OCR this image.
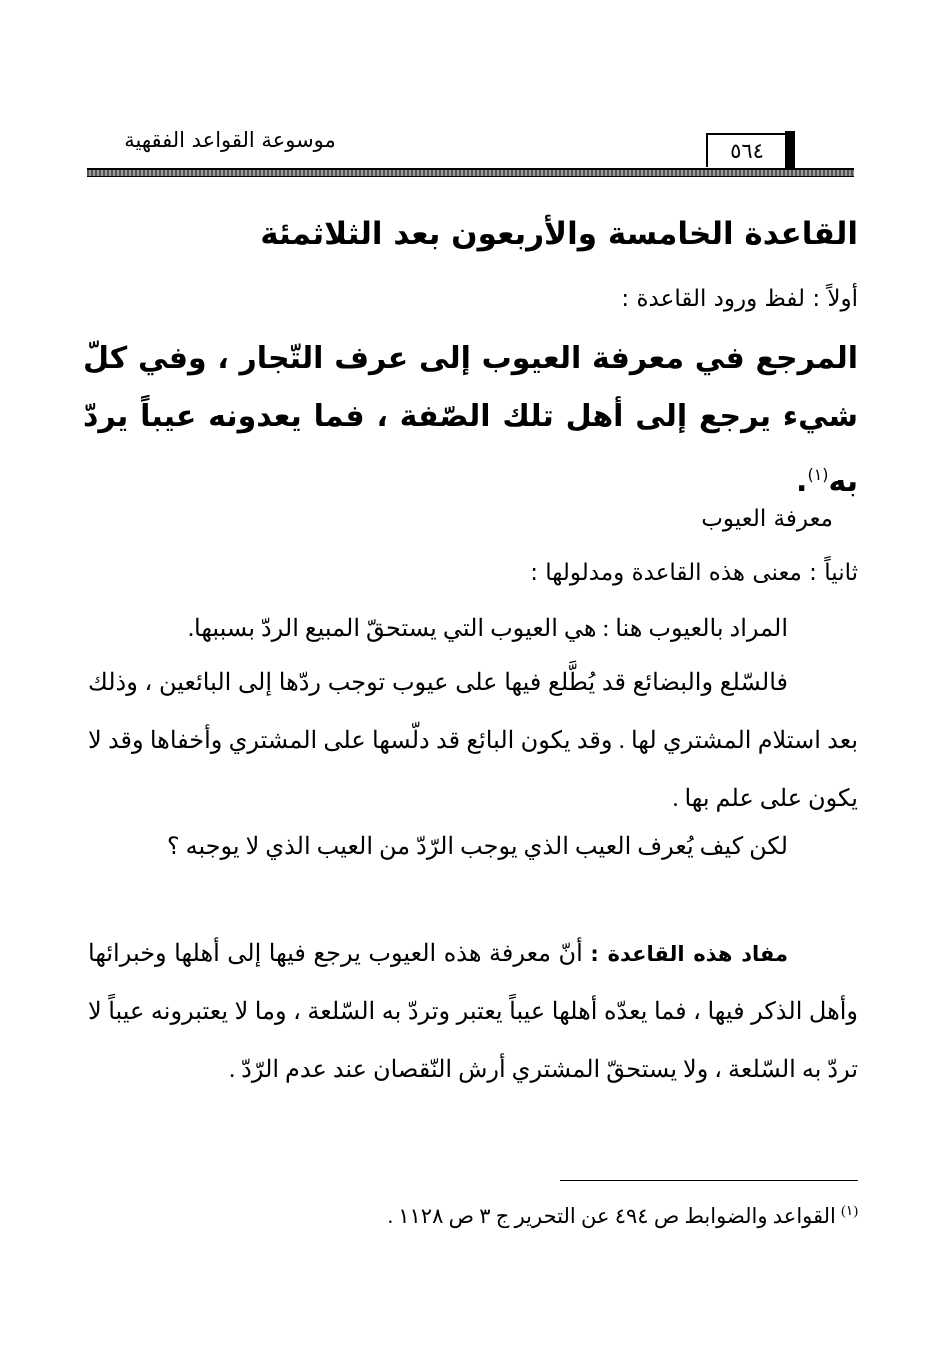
موسوعة القواعد الفقهية	٥٦٤
القاعدة الخامسة والأربعون بعد الثلاثمئة
أولاً : لفظ ورود القاعدة :
المرجع في معرفة العيوب إلى عرف التّجار ، وفي كلّ شيء يرجع إلى أهل تلك الصّفة ، فما يعدونه عيباً يردّ به$^{(١)}$.
معرفة العيوب
ثانياً : معنى هذه القاعدة ومدلولها :
المراد بالعيوب هنا : هي العيوب التي يستحقّ المبيع الردّ بسببها.
فالسّلع والبضائع قد يُطَّلع فيها على عيوب توجب ردّها إلى البائعين ، وذلك بعد استلام المشتري لها . وقد يكون البائع قد دلّسها على المشتري وأخفاها وقد لا يكون على علم بها .
لكن كيف يُعرف العيب الذي يوجب الرّدّ من العيب الذي لا يوجبه ؟
مفاد هذه القاعدة : أنّ معرفة هذه العيوب يرجع فيها إلى أهلها وخبرائها وأهل الذكر فيها ، فما يعدّه أهلها عيباً يعتبر وتردّ به السّلعة ، وما لا يعتبرونه عيباً لا تردّ به السّلعة ، ولا يستحقّ المشتري أرش النّقصان عند عدم الرّدّ .
$^{(١)}$ القواعد والضوابط ص ٤٩٤ عن التحرير ج ٣ ص ١١٢٨ .
